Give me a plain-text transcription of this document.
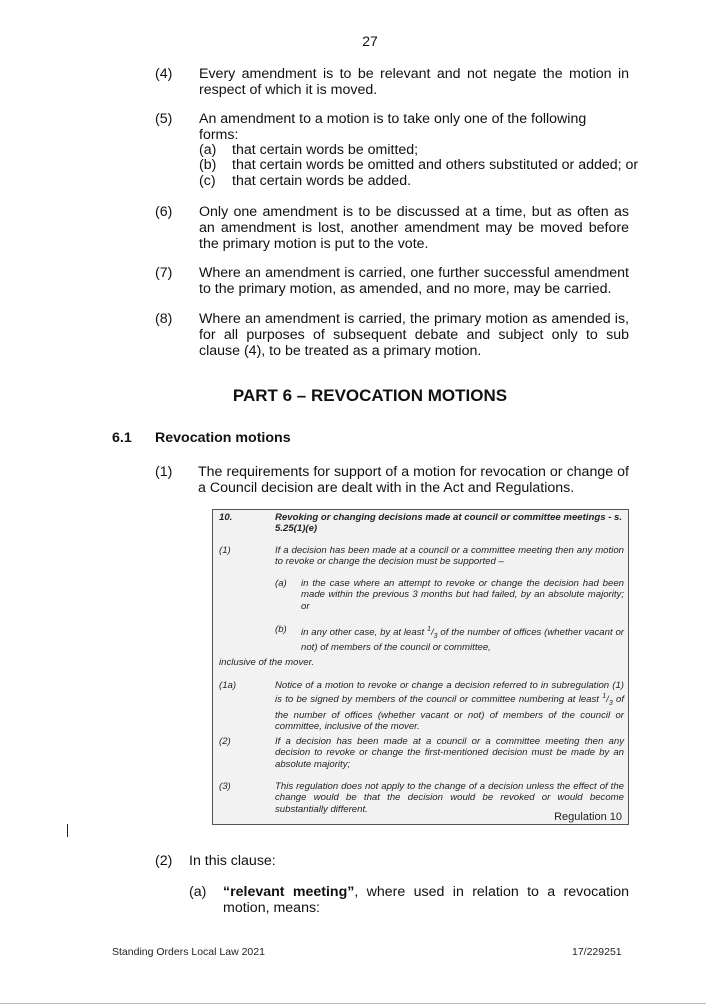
27
(4) Every amendment is to be relevant and not negate the motion in respect of which it is moved.
(5) An amendment to a motion is to take only one of the following forms:
(a) that certain words be omitted;
(b) that certain words be omitted and others substituted or added; or
(c) that certain words be added.
(6) Only one amendment is to be discussed at a time, but as often as an amendment is lost, another amendment may be moved before the primary motion is put to the vote.
(7) Where an amendment is carried, one further successful amendment to the primary motion, as amended, and no more, may be carried.
(8) Where an amendment is carried, the primary motion as amended is, for all purposes of subsequent debate and subject only to sub clause (4), to be treated as a primary motion.
PART 6 – REVOCATION MOTIONS
6.1 Revocation motions
(1) The requirements for support of a motion for revocation or change of a Council decision are dealt with in the Act and Regulations.
10.	Revoking or changing decisions made at council or committee meetings - s. 5.25(1)(e)
(1)	If a decision has been made at a council or a committee meeting then any motion to revoke or change the decision must be supported –
(a) in the case where an attempt to revoke or change the decision had been made within the previous 3 months but had failed, by an absolute majority; or
(b) in any other case, by at least $^1/_3$ of the number of offices (whether vacant or not) of members of the council or committee,
inclusive of the mover.
(1a)	Notice of a motion to revoke or change a decision referred to in subregulation (1) is to be signed by members of the council or committee numbering at least $^1/_3$ of the number of offices (whether vacant or not) of members of the council or committee, inclusive of the mover.
(2)	If a decision has been made at a council or a committee meeting then any decision to revoke or change the first-mentioned decision must be made by an absolute majority;
(3)	This regulation does not apply to the change of a decision unless the effect of the change would be that the decision would be revoked or would become substantially different.
Regulation 10
(2) In this clause:
(a) “relevant meeting”, where used in relation to a revocation motion, means:
Standing Orders Local Law 2021	17/229251
